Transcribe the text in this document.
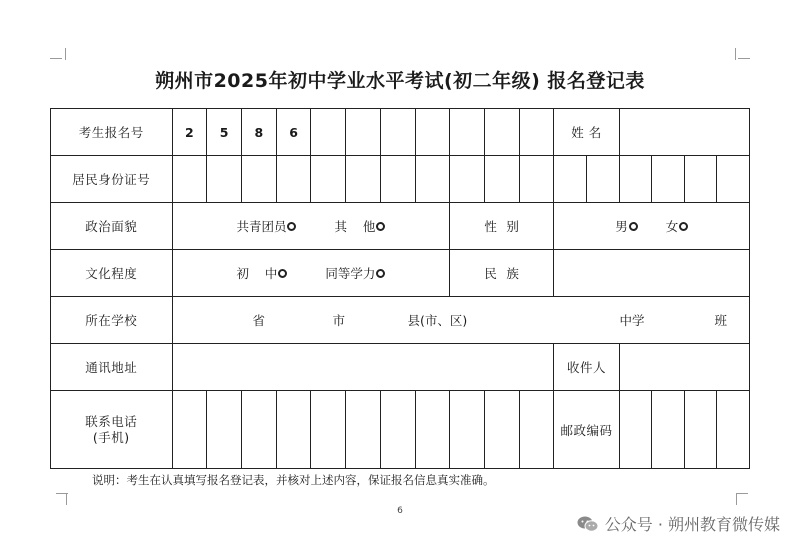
朔州市2025年初中学业水平考试(初二年级) 报名登记表
考生报名号	2	5	8	6								姓 名					
居民身份证号																	
政治面貌	共青团员 其    他								性  别			男 女					
文化程度	初    中 同等学力								民  族								
所在学校	省 市 县(市、区) 中学 班																

通讯地址												收件人					

联系电话
(手机)												邮政编码					
说明：考生在认真填写报名登记表，并核对上述内容，保证报名信息真实准确。
6
公众号 · 朔州教育微传媒
